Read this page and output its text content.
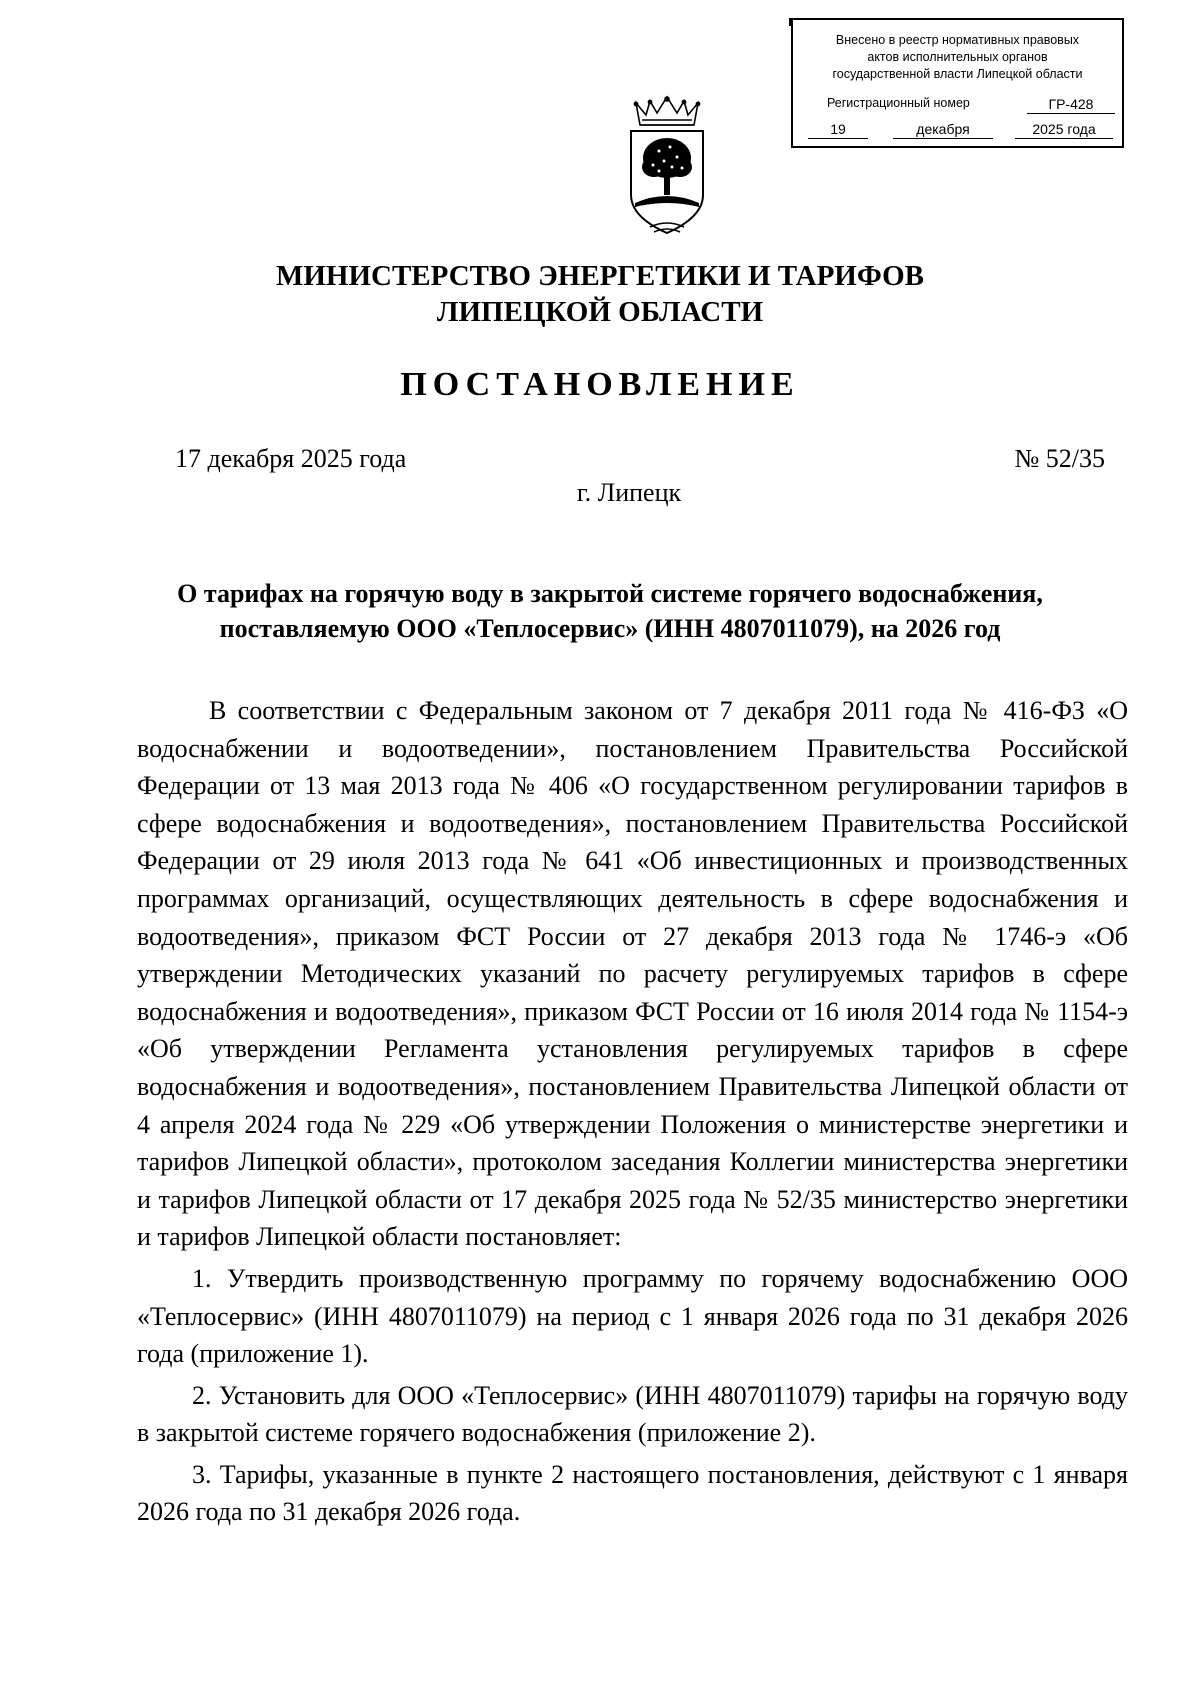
Внесено в реестр нормативных правовых
актов исполнительных органов
государственной власти Липецкой области
Регистрационный номер	ГР-428
19	декабря	2025 года
МИНИСТЕРСТВО ЭНЕРГЕТИКИ И ТАРИФОВ
ЛИПЕЦКОЙ ОБЛАСТИ
ПОСТАНОВЛЕНИЕ
17 декабря 2025 года	№ 52/35
г. Липецк
О тарифах на горячую воду в закрытой системе горячего водоснабжения,
поставляемую ООО «Теплосервис» (ИНН 4807011079), на 2026 год

В соответствии с Федеральным законом от 7 декабря 2011 года № 416-ФЗ «О водоснабжении и водоотведении», постановлением Правительства Российской Федерации от 13 мая 2013 года № 406 «О государственном регулировании тарифов в сфере водоснабжения и водоотведения», постановлением Правительства Российской Федерации от 29 июля 2013 года № 641 «Об инвестиционных и производственных программах организаций, осуществляющих деятельность в сфере водоснабжения и водоотведения», приказом ФСТ России от 27 декабря 2013 года № 1746-э «Об утверждении Методических указаний по расчету регулируемых тарифов в сфере водоснабжения и водоотведения», приказом ФСТ России от 16 июля 2014 года № 1154-э «Об утверждении Регламента установления регулируемых тарифов в сфере водоснабжения и водоотведения», постановлением Правительства Липецкой области от 4 апреля 2024 года № 229 «Об утверждении Положения о министерстве энергетики и тарифов Липецкой области», протоколом заседания Коллегии министерства энергетики и тарифов Липецкой области от 17 декабря 2025 года № 52/35 министерство энергетики и тарифов Липецкой области постановляет:

1. Утвердить производственную программу по горячему водоснабжению ООО «Теплосервис» (ИНН 4807011079) на период с 1 января 2026 года по 31 декабря 2026 года (приложение 1).

2. Установить для ООО «Теплосервис» (ИНН 4807011079) тарифы на горячую воду в закрытой системе горячего водоснабжения (приложение 2).

3. Тарифы, указанные в пункте 2 настоящего постановления, действуют с 1 января 2026 года по 31 декабря 2026 года.
